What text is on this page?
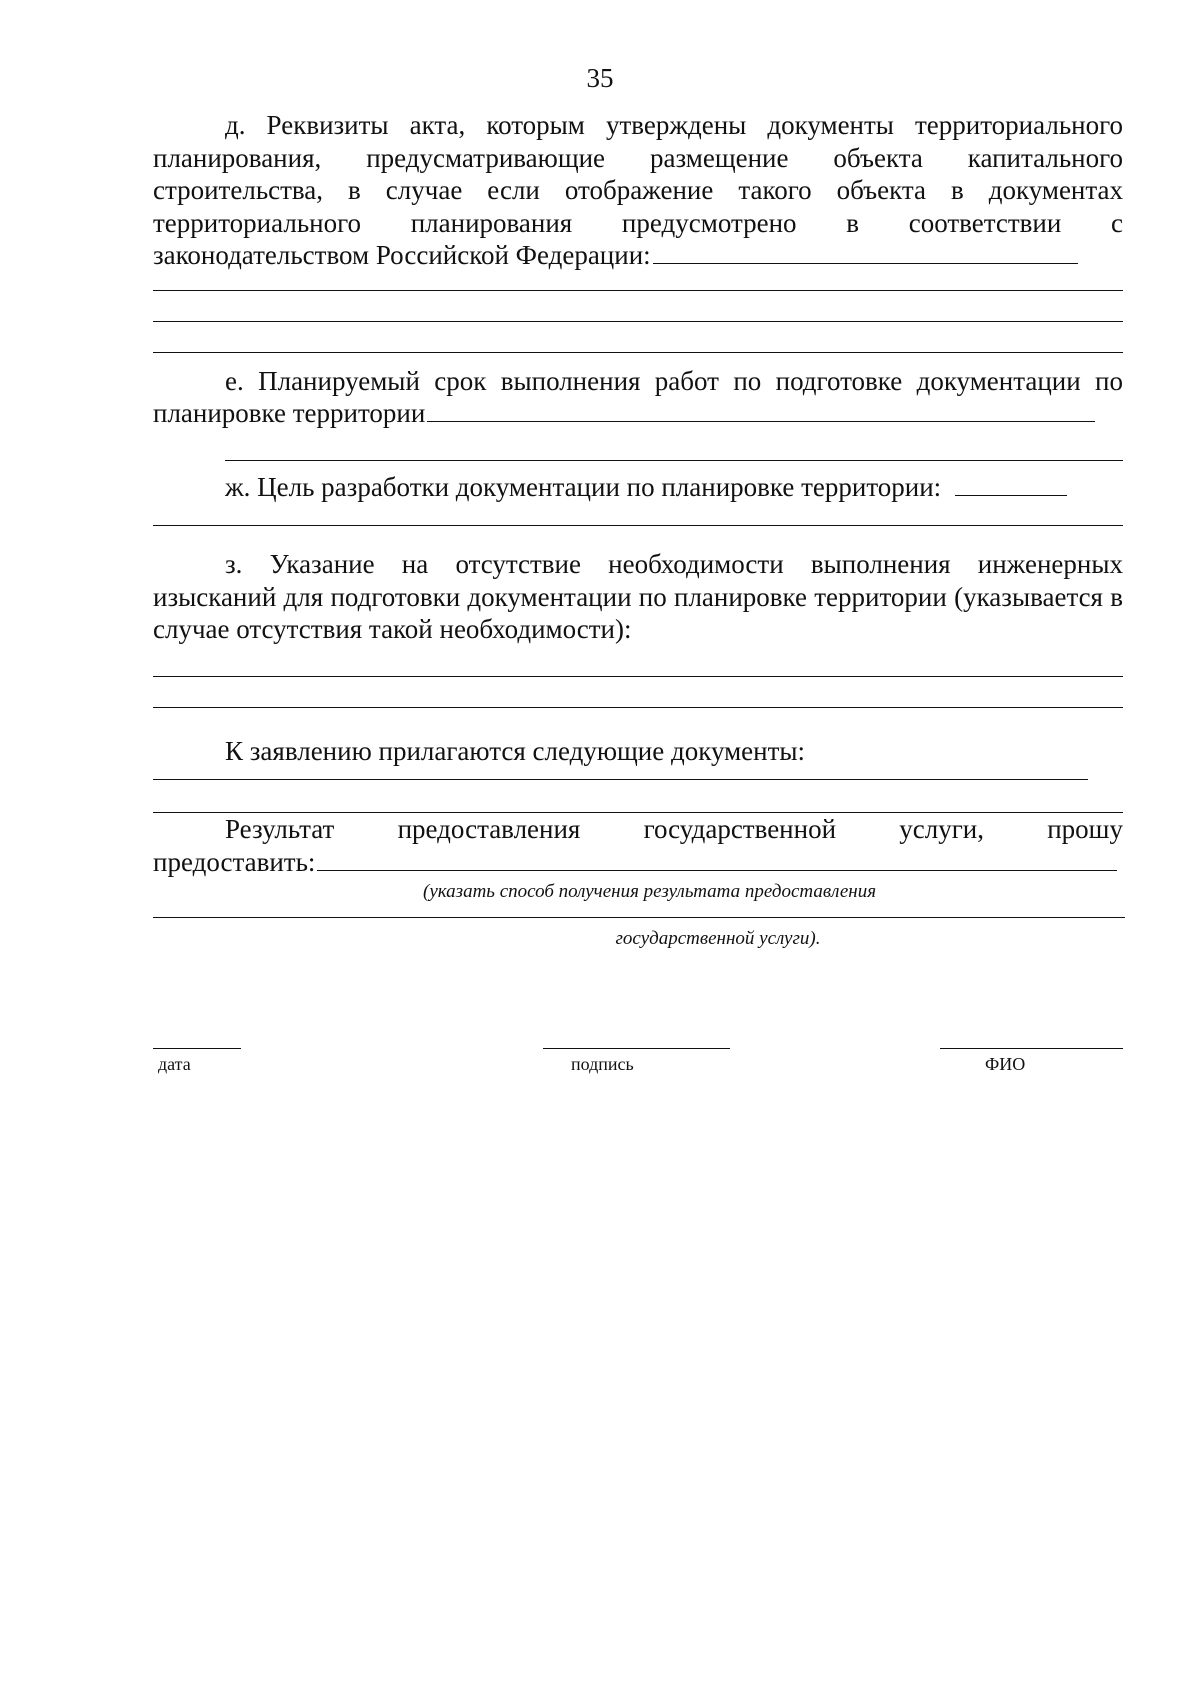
35

д. Реквизиты акта, которым утверждены документы территориального планирования, предусматривающие размещение объекта капитального строительства, в случае если отображение такого объекта в документах территориального планирования предусмотрено в соответствии с законодательством Российской Федерации:

е. Планируемый срок выполнения работ по подготовке документации по планировке территории

ж. Цель разработки документации по планировке территории:

з. Указание на отсутствие необходимости выполнения инженерных изысканий для подготовки документации по планировке территории (указывается в случае отсутствия такой необходимости):

К заявлению прилагаются следующие документы:

Результат предоставления государственной услуги, прошу

предоставить:

(указать способ получения результата предоставления
государственной услуги).
дата	подпись	ФИО
